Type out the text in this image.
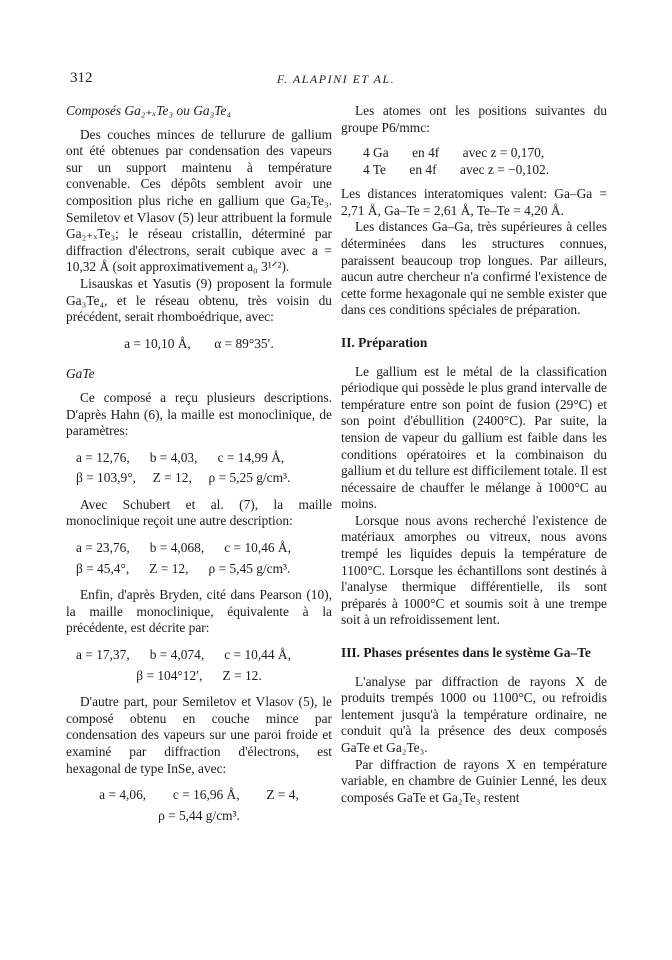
312	F. ALAPINI ET AL.
Composés Ga₂₊ₓTe₃ ou Ga₃Te₄

Des couches minces de tellurure de gallium ont été obtenues par condensation des vapeurs sur un support maintenu à température convenable. Ces dépôts semblent avoir une composition plus riche en gallium que Ga₂Te₃. Semiletov et Vlasov (5) leur attribuent la formule Ga₂₊ₓTe₃; le réseau cristallin, déterminé par diffraction d'électrons, serait cubique avec a = 10,32 Å (soit approximativement a₀ 3¹ᐟ²).

Lisauskas et Yasutis (9) proposent la formule Ga₃Te₄, et le réseau obtenu, très voisin du précédent, serait rhomboédrique, avec:

a = 10,10 Å,       α = 89°35′.
GaTe

Ce composé a reçu plusieurs descriptions. D'après Hahn (6), la maille est monoclinique, de paramètres:

a = 12,76,      b = 4,03,      c = 14,99 Å,
β = 103,9°,     Z = 12,     ρ = 5,25 g/cm³.

Avec Schubert et al. (7), la maille monoclinique reçoit une autre description:

a = 23,76,      b = 4,068,      c = 10,46 Å,
β = 45,4°,      Z = 12,      ρ = 5,45 g/cm³.

Enfin, d'après Bryden, cité dans Pearson (10), la maille monoclinique, équivalente à la précédente, est décrite par:

a = 17,37,      b = 4,074,      c = 10,44 Å,
β = 104°12′,      Z = 12.

D'autre part, pour Semiletov et Vlasov (5), le composé obtenu en couche mince par condensation des vapeurs sur une paroi froide et examiné par diffraction d'électrons, est hexagonal de type InSe, avec:

a = 4,06,        c = 16,96 Å,        Z = 4,
ρ = 5,44 g/cm³.

Les atomes ont les positions suivantes du groupe P6/mmc:

4 Ga       en 4f       avec z = 0,170,
4 Te       en 4f       avec z = −0,102.

Les distances interatomiques valent: Ga–Ga = 2,71 Å, Ga–Te = 2,61 Å, Te–Te = 4,20 Å.

Les distances Ga–Ga, très supérieures à celles déterminées dans les structures connues, paraissent beaucoup trop longues. Par ailleurs, aucun autre chercheur n'a confirmé l'existence de cette forme hexagonale qui ne semble exister que dans ces conditions spéciales de préparation.

II. Préparation

Le gallium est le métal de la classification périodique qui possède le plus grand intervalle de température entre son point de fusion (29°C) et son point d'ébullition (2400°C). Par suite, la tension de vapeur du gallium est faible dans les conditions opératoires et la combinaison du gallium et du tellure est difficilement totale. Il est nécessaire de chauffer le mélange à 1000°C au moins.

Lorsque nous avons recherché l'existence de matériaux amorphes ou vitreux, nous avons trempé les liquides depuis la température de 1100°C. Lorsque les échantillons sont destinés à l'analyse thermique différentielle, ils sont préparés à 1000°C et soumis soit à une trempe soit à un refroidissement lent.

III. Phases présentes dans le système Ga–Te

L'analyse par diffraction de rayons X de produits trempés 1000 ou 1100°C, ou refroidis lentement jusqu'à la température ordinaire, ne conduit qu'à la présence des deux composés GaTe et Ga₂Te₃.

Par diffraction de rayons X en température variable, en chambre de Guinier Lenné, les deux composés GaTe et Ga₂Te₃ restent
